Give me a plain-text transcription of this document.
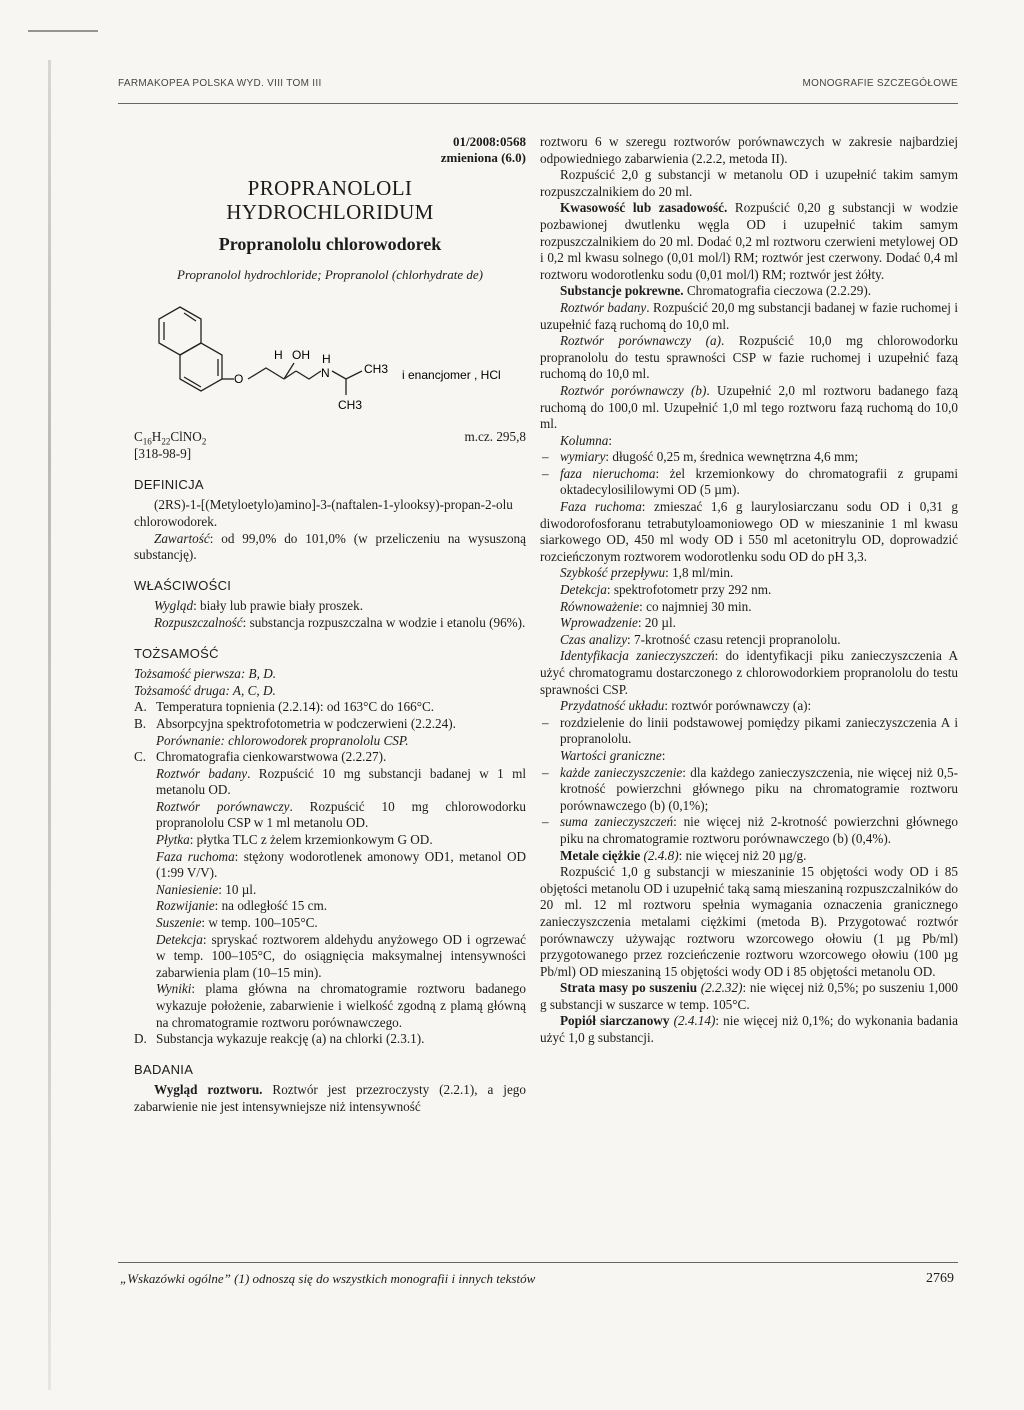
FARMAKOPEA POLSKA WYD. VIII TOM III	MONOGRAFIE SZCZEGÓŁOWE
01/2008:0568
zmieniona (6.0)
PROPRANOLOLI
HYDROCHLORIDUM
Propranololu chlorowodorek
Propranolol hydrochloride; Propranolol (chlorhydrate de)
O
H OH H
N	CH3
CH3
i enancjomer , HCl
$C_{16}H_{22}ClNO_2$	m.cz. 295,8
[318-98-9]
DEFINICJA

(2RS)-1-[(Metyloetylo)amino]-3-(naftalen-1-ylooksy)-propan-2-olu chlorowodorek.

Zawartość: od 99,0% do 101,0% (w przeliczeniu na wysuszoną substancję).

WŁAŚCIWOŚCI

Wygląd: biały lub prawie biały proszek.

Rozpuszczalność: substancja rozpuszczalna w wodzie i etanolu (96%).

TOŻSAMOŚĆ

Tożsamość pierwsza: B, D.

Tożsamość druga: A, C, D.

A. Temperatura topnienia (2.2.14): od 163°C do 166°C.
B. Absorpcyjna spektrofotometria w podczerwieni (2.2.24).

Porównanie: chlorowodorek propranololu CSP.

C. Chromatografia cienkowarstwowa (2.2.27).

Roztwór badany. Rozpuścić 10 mg substancji badanej w 1 ml metanolu OD.

Roztwór porównawczy. Rozpuścić 10 mg chlorowodorku propranololu CSP w 1 ml metanolu OD.

Płytka: płytka TLC z żelem krzemionkowym G OD.

Faza ruchoma: stężony wodorotlenek amonowy OD1, metanol OD (1:99 V/V).

Naniesienie: 10 µl.

Rozwijanie: na odległość 15 cm.

Suszenie: w temp. 100–105°C.

Detekcja: spryskać roztworem aldehydu anyżowego OD i ogrzewać w temp. 100–105°C, do osiągnięcia maksymalnej intensywności zabarwienia plam (10–15 min).

Wyniki: plama główna na chromatogramie roztworu badanego wykazuje położenie, zabarwienie i wielkość zgodną z plamą główną na chromatogramie roztworu porównawczego.

D. Substancja wykazuje reakcję (a) na chlorki (2.3.1).
BADANIA

Wygląd roztworu. Roztwór jest przezroczysty (2.2.1), a jego zabarwienie nie jest intensywniejsze niż intensywność

roztworu 6 w szeregu roztworów porównawczych w zakresie najbardziej odpowiedniego zabarwienia (2.2.2, metoda II).

Rozpuścić 2,0 g substancji w metanolu OD i uzupełnić takim samym rozpuszczalnikiem do 20 ml.

Kwasowość lub zasadowość. Rozpuścić 0,20 g substancji w wodzie pozbawionej dwutlenku węgla OD i uzupełnić takim samym rozpuszczalnikiem do 20 ml. Dodać 0,2 ml roztworu czerwieni metylowej OD i 0,2 ml kwasu solnego (0,01 mol/l) RM; roztwór jest czerwony. Dodać 0,4 ml roztworu wodorotlenku sodu (0,01 mol/l) RM; roztwór jest żółty.

Substancje pokrewne. Chromatografia cieczowa (2.2.29).

Roztwór badany. Rozpuścić 20,0 mg substancji badanej w fazie ruchomej i uzupełnić fazą ruchomą do 10,0 ml.

Roztwór porównawczy (a). Rozpuścić 10,0 mg chlorowodorku propranololu do testu sprawności CSP w fazie ruchomej i uzupełnić fazą ruchomą do 10,0 ml.

Roztwór porównawczy (b). Uzupełnić 2,0 ml roztworu badanego fazą ruchomą do 100,0 ml. Uzupełnić 1,0 ml tego roztworu fazą ruchomą do 10,0 ml.

Kolumna:

– wymiary: długość 0,25 m, średnica wewnętrzna 4,6 mm;
– faza nieruchoma: żel krzemionkowy do chromatografii z grupami oktadecylosililowymi OD (5 µm).

Faza ruchoma: zmieszać 1,6 g laurylosiarczanu sodu OD i 0,31 g diwodorofosforanu tetrabutyloamoniowego OD w mieszaninie 1 ml kwasu siarkowego OD, 450 ml wody OD i 550 ml acetonitrylu OD, doprowadzić rozcieńczonym roztworem wodorotlenku sodu OD do pH 3,3.

Szybkość przepływu: 1,8 ml/min.

Detekcja: spektrofotometr przy 292 nm.

Równoważenie: co najmniej 30 min.

Wprowadzenie: 20 µl.

Czas analizy: 7-krotność czasu retencji propranololu.

Identyfikacja zanieczyszczeń: do identyfikacji piku zanieczyszczenia A użyć chromatogramu dostarczonego z chlorowodorkiem propranololu do testu sprawności CSP.

Przydatność układu: roztwór porównawczy (a):

– rozdzielenie do linii podstawowej pomiędzy pikami zanieczyszczenia A i propranololu.

Wartości graniczne:

– każde zanieczyszczenie: dla każdego zanieczyszczenia, nie więcej niż 0,5-krotność powierzchni głównego piku na chromatogramie roztworu porównawczego (b) (0,1%);
– suma zanieczyszczeń: nie więcej niż 2-krotność powierzchni głównego piku na chromatogramie roztworu porównawczego (b) (0,4%).

Metale ciężkie (2.4.8): nie więcej niż 20 µg/g.

Rozpuścić 1,0 g substancji w mieszaninie 15 objętości wody OD i 85 objętości metanolu OD i uzupełnić taką samą mieszaniną rozpuszczalników do 20 ml. 12 ml roztworu spełnia wymagania oznaczenia granicznego zanieczyszczenia metalami ciężkimi (metoda B). Przygotować roztwór porównawczy używając roztworu wzorcowego ołowiu (1 µg Pb/ml) przygotowanego przez rozcieńczenie roztworu wzorcowego ołowiu (100 µg Pb/ml) OD mieszaniną 15 objętości wody OD i 85 objętości metanolu OD.

Strata masy po suszeniu (2.2.32): nie więcej niż 0,5%; po suszeniu 1,000 g substancji w suszarce w temp. 105°C.

Popiół siarczanowy (2.4.14): nie więcej niż 0,1%; do wykonania badania użyć 1,0 g substancji.

„Wskazówki ogólne” (1) odnoszą się do wszystkich monografii i innych tekstów	2769
